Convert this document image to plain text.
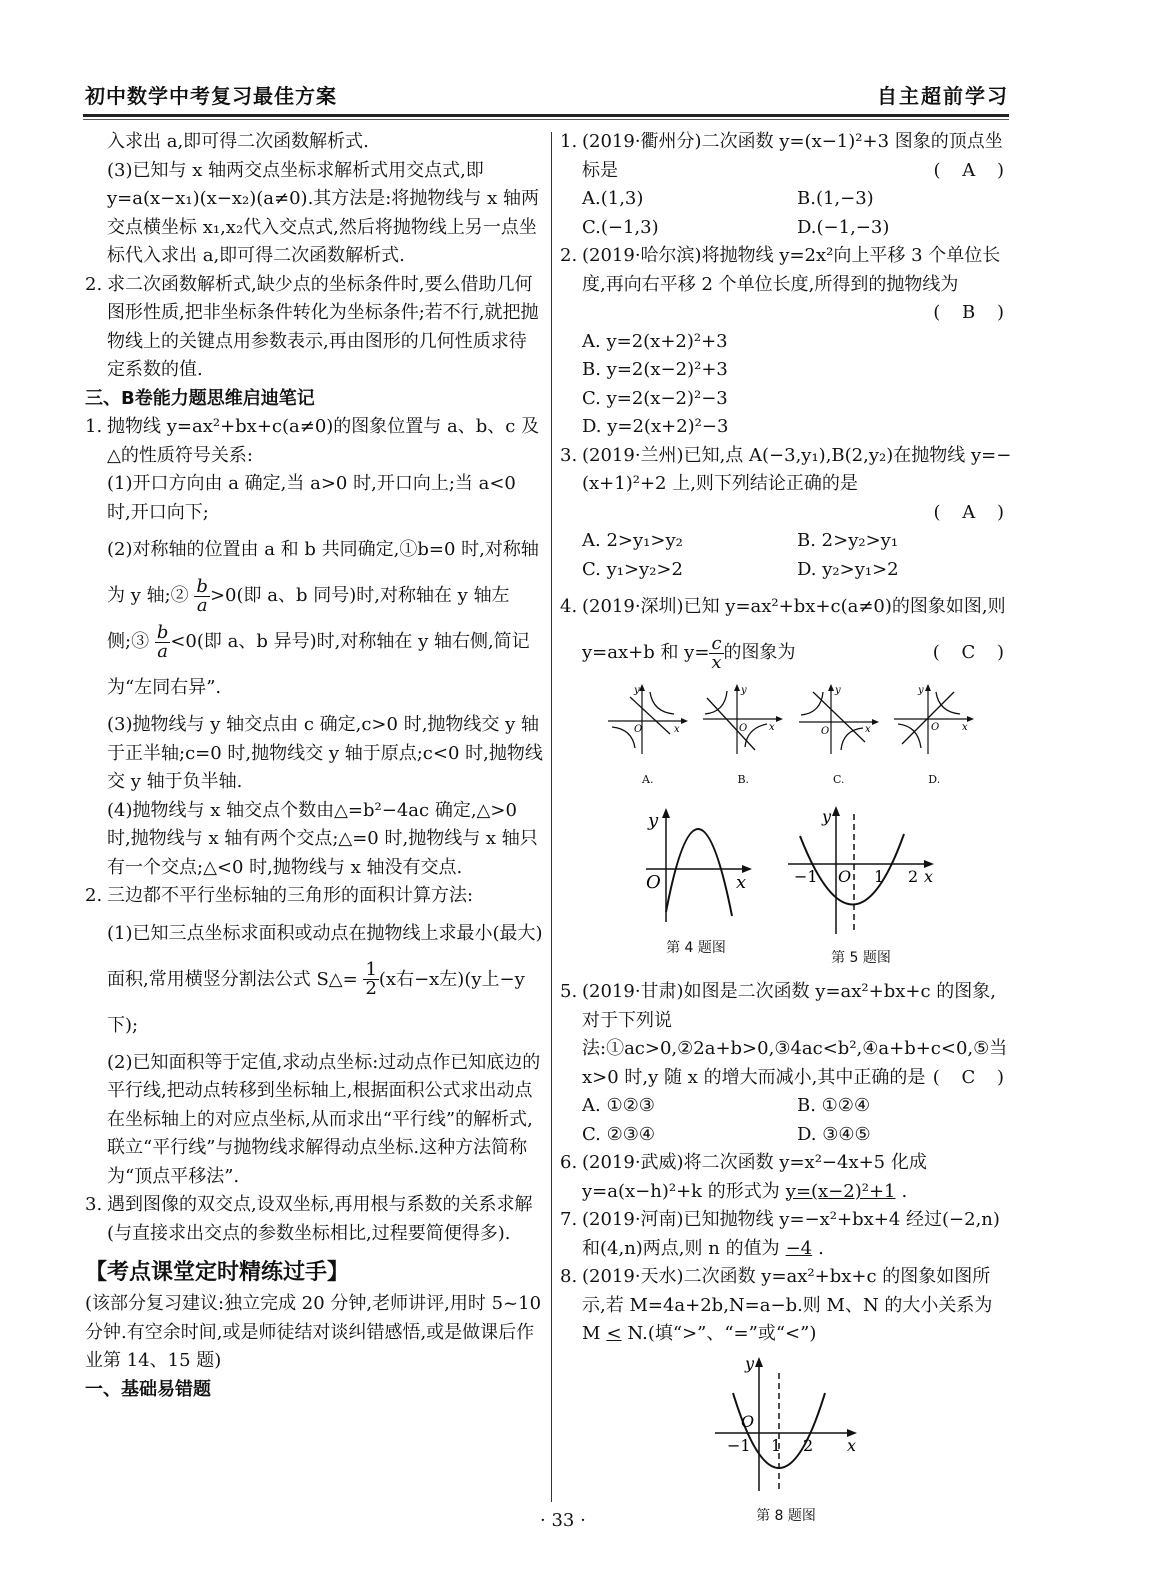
初中数学中考复习最佳方案	自主超前学习

入求出 a,即可得二次函数解析式.

(3)已知与 x 轴两交点坐标求解析式用交点式,即 y=a(x−x₁)(x−x₂)(a≠0).其方法是:将抛物线与 x 轴两交点横坐标 x₁,x₂代入交点式,然后将抛物线上另一点坐标代入求出 a,即可得二次函数解析式.

2. 求二次函数解析式,缺少点的坐标条件时,要么借助几何图形性质,把非坐标条件转化为坐标条件;若不行,就把抛物线上的关键点用参数表示,再由图形的几何性质求待定系数的值.

三、B卷能力题思维启迪笔记

1. 抛物线 y=ax²+bx+c(a≠0)的图象位置与 a、b、c 及△的性质符号关系:

(1)开口方向由 a 确定,当 a>0 时,开口向上;当 a<0 时,开口向下;

(2)对称轴的位置由 a 和 b 共同确定,①b=0 时,对称轴为 y 轴;② $\frac{b}{a} >0$(即 a、b 同号)时,对称轴在 y 轴左侧;③ $\frac{b}{a} <0$(即 a、b 异号)时,对称轴在 y 轴右侧,简记为“左同右异”.

(3)抛物线与 y 轴交点由 c 确定,c>0 时,抛物线交 y 轴于正半轴;c=0 时,抛物线交 y 轴于原点;c<0 时,抛物线交 y 轴于负半轴.

(4)抛物线与 x 轴交点个数由△=b²−4ac 确定,△>0 时,抛物线与 x 轴有两个交点;△=0 时,抛物线与 x 轴只有一个交点;△<0 时,抛物线与 x 轴没有交点.

2. 三边都不平行坐标轴的三角形的面积计算方法:

(1)已知三点坐标求面积或动点在抛物线上求最小(最大)面积,常用横竖分割法公式 S△= $\frac{1}{2} (x$右−x左)(y上−y下);

(2)已知面积等于定值,求动点坐标:过动点作已知底边的平行线,把动点转移到坐标轴上,根据面积公式求出动点在坐标轴上的对应点坐标,从而求出“平行线”的解析式,联立“平行线”与抛物线求解得动点坐标.这种方法简称为“顶点平移法”.

3. 遇到图像的双交点,设双坐标,再用根与系数的关系求解(与直接求出交点的参数坐标相比,过程要简便得多).

【考点课堂定时精练过手】

(该部分复习建议:独立完成 20 分钟,老师讲评,用时 5~10 分钟.有空余时间,或是师徒结对谈纠错感悟,或是做课后作业第 14、15 题)

一、基础易错题

1. (2019·衢州分)二次函数 y=(x−1)²+3 图象的顶点坐标是	( A )

A.(1,3)	B.(1,−3)
C.(−1,3)	D.(−1,−3)

2. (2019·哈尔滨)将抛物线 y=2x²向上平移 3 个单位长度,再向右平移 2 个单位长度,所得到的抛物线为

( B )

A. y=2(x+2)²+3

B. y=2(x−2)²+3

C. y=2(x−2)²−3

D. y=2(x+2)²−3

3. (2019·兰州)已知,点 A(−3,y₁),B(2,y₂)在抛物线 y=−(x+1)²+2 上,则下列结论正确的是

( A )

A. 2>y₁>y₂	B. 2>y₂>y₁
C. y₁>y₂>2	D. y₂>y₁>2

4. (2019·深圳)已知 y=ax²+bx+c(a≠0)的图象如图,则 y=ax+b 和 $y= \frac{c}{x}$ 的图象为	( C )

O	x
y
A.
O x
y
B.
O	x
y
C.
O x
y
D.
O	x
y
第 4 题图
−1 O 1 2 x
y
第 5 题图

5. (2019·甘肃)如图是二次函数 y=ax²+bx+c 的图象,对于下列说法:①ac>0,②2a+b>0,③4ac<b²,④a+b+c<0,⑤当 x>0 时,y 随 x 的增大而减小,其中正确的是 ( C )

A. ①②③	B. ①②④
C. ②③④	D. ③④⑤

6. (2019·武威)将二次函数 y=x²−4x+5 化成 y=a(x−h)²+k 的形式为 y=(x−2)²+1 .

7. (2019·河南)已知抛物线 y=−x²+bx+4 经过(−2,n)和(4,n)两点,则 n 的值为 −4 .

8. (2019·天水)二次函数 y=ax²+bx+c 的图象如图所示,若 M=4a+2b,N=a−b.则 M、N 的大小关系为 M < N.(填“>”、“=”或“<”)

−1
O
1 2 x
y
第 8 题图
· 33 ·
